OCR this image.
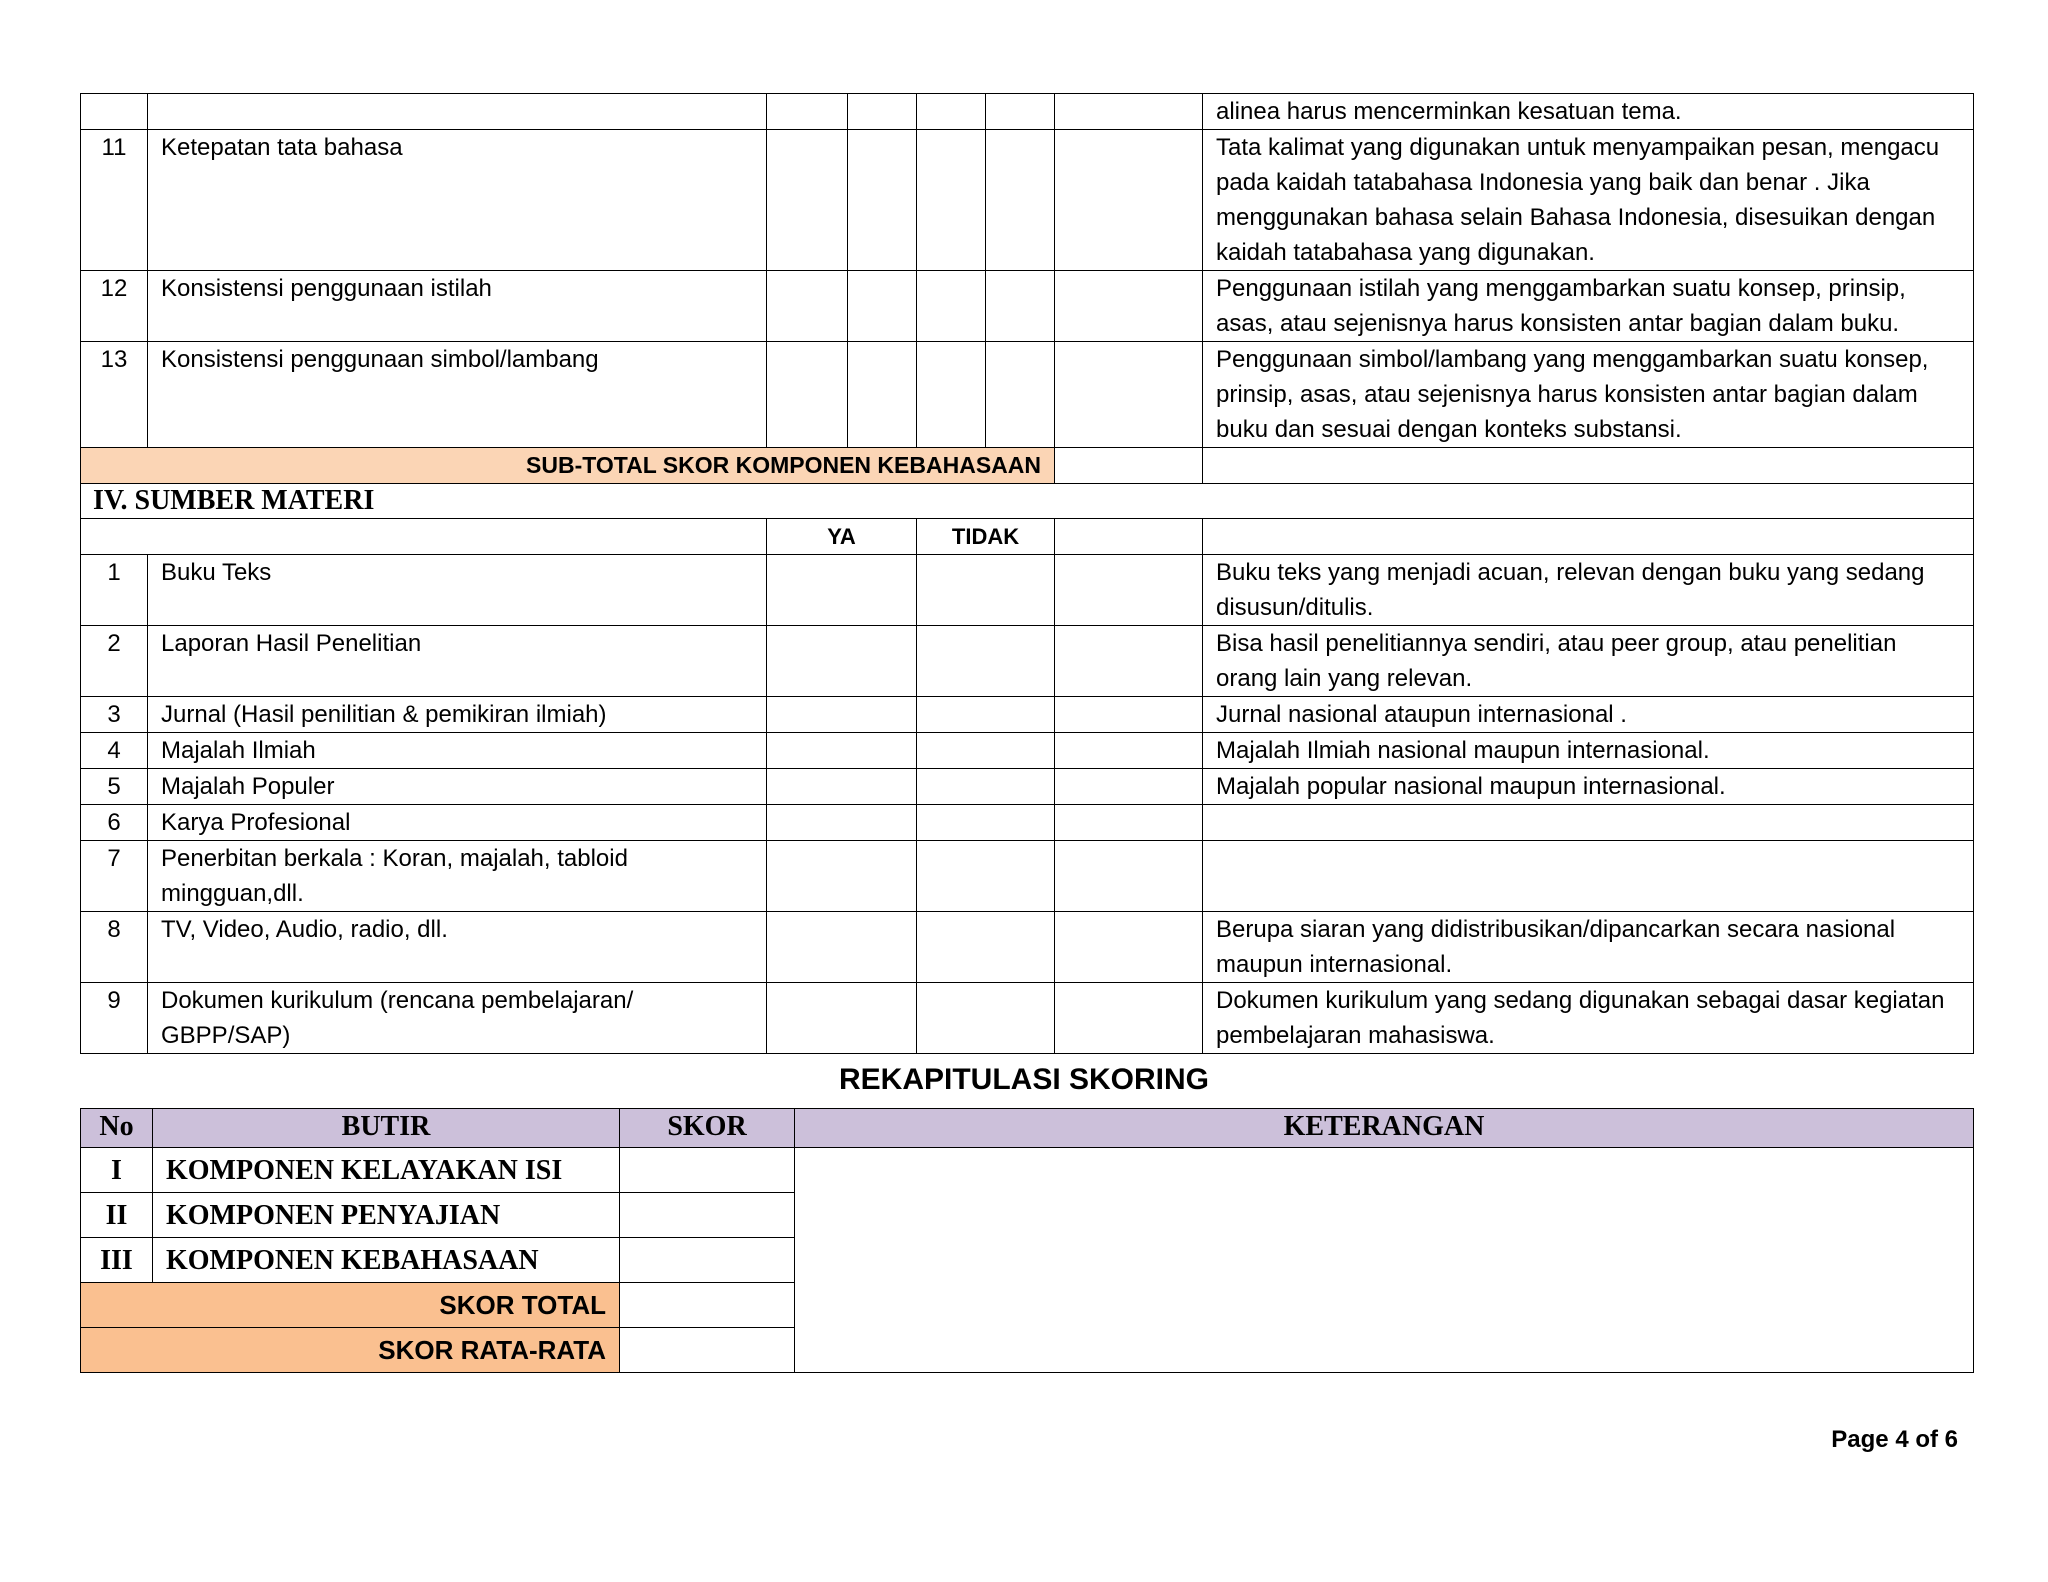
							alinea harus mencerminkan kesatuan tema.
11	Ketepatan tata bahasa						Tata kalimat yang digunakan untuk menyampaikan pesan, mengacu pada kaidah tatabahasa Indonesia yang baik dan benar . Jika menggunakan bahasa selain Bahasa Indonesia, disesuikan dengan kaidah tatabahasa yang digunakan.
12	Konsistensi penggunaan istilah						Penggunaan istilah yang menggambarkan suatu konsep, prinsip, asas, atau sejenisnya harus konsisten antar bagian dalam buku.
13	Konsistensi penggunaan simbol/lambang						Penggunaan simbol/lambang yang menggambarkan suatu konsep, prinsip, asas, atau sejenisnya harus konsisten antar bagian dalam buku dan sesuai dengan konteks substansi.
SUB-TOTAL SKOR KOMPONEN KEBAHASAAN							
IV. SUMBER MATERI							
		YA		TIDAK			
1	Buku Teks						Buku teks yang menjadi acuan, relevan dengan buku yang sedang disusun/ditulis.
2	Laporan Hasil Penelitian						Bisa hasil penelitiannya sendiri, atau peer group, atau penelitian orang lain yang relevan.
3	Jurnal (Hasil penilitian & pemikiran ilmiah)						Jurnal nasional ataupun internasional .
4	Majalah Ilmiah						Majalah Ilmiah nasional maupun internasional.
5	Majalah Populer						Majalah popular nasional maupun internasional.
6	Karya Profesional						
7	Penerbitan berkala : Koran, majalah, tabloid mingguan,dll.						
8	TV, Video, Audio, radio, dll.						Berupa siaran yang didistribusikan/dipancarkan secara nasional maupun internasional.
9	Dokumen kurikulum (rencana pembelajaran/ GBPP/SAP)						Dokumen kurikulum yang sedang digunakan sebagai dasar kegiatan pembelajaran mahasiswa.
REKAPITULASI SKORING
No	BUTIR	SKOR	KETERANGAN
I	KOMPONEN KELAYAKAN ISI		
II	KOMPONEN PENYAJIAN		
III	KOMPONEN KEBAHASAAN		
SKOR TOTAL			
SKOR RATA-RATA			
Page 4 of 6
